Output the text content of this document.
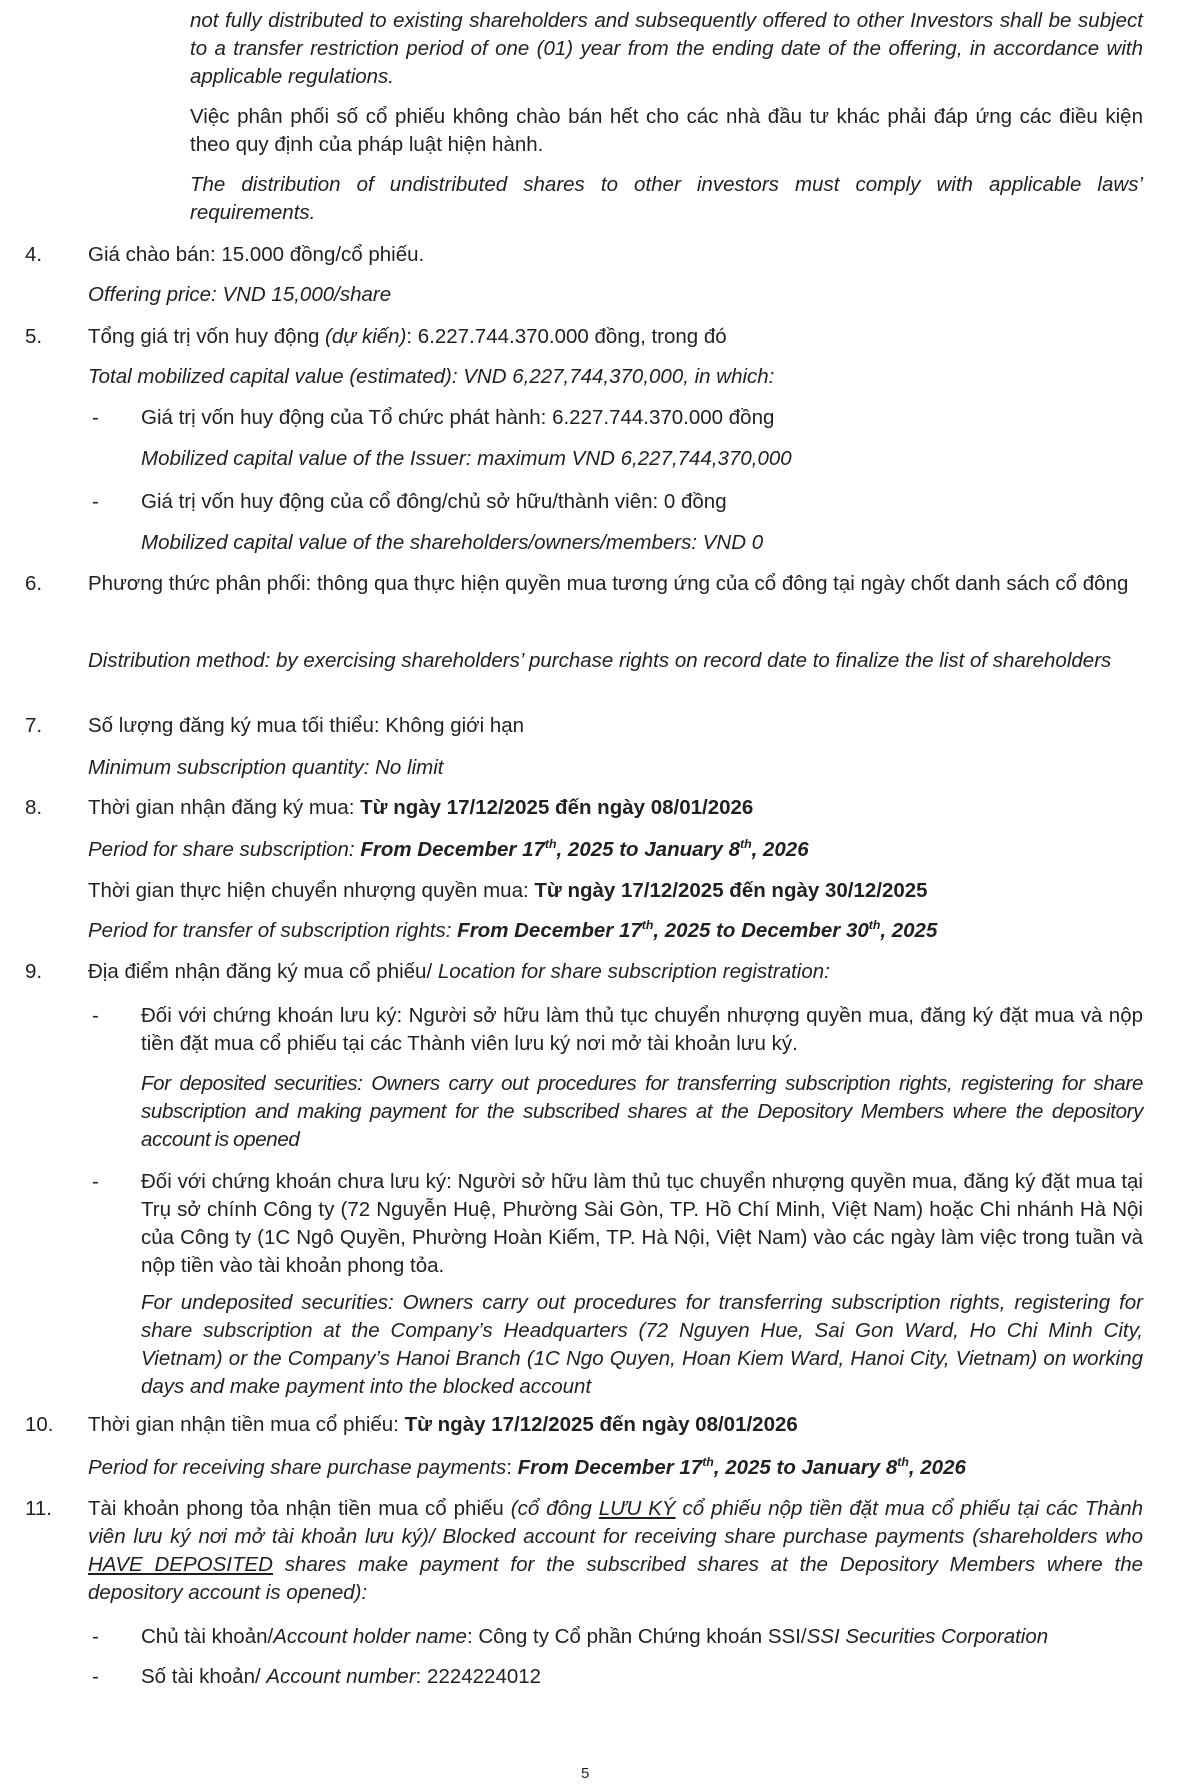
not fully distributed to existing shareholders and subsequently offered to other Investors shall be subject to a transfer restriction period of one (01) year from the ending date of the offering, in accordance with applicable regulations.

Việc phân phối số cổ phiếu không chào bán hết cho các nhà đầu tư khác phải đáp ứng các điều kiện theo quy định của pháp luật hiện hành.

The distribution of undistributed shares to other investors must comply with applicable laws’ requirements.

4. Giá chào bán: 15.000 đồng/cổ phiếu.

Offering price: VND 15,000/share

5. Tổng giá trị vốn huy động (dự kiến): 6.227.744.370.000 đồng, trong đó

Total mobilized capital value (estimated): VND 6,227,744,370,000, in which:

- Giá trị vốn huy động của Tổ chức phát hành: 6.227.744.370.000 đồng

Mobilized capital value of the Issuer: maximum VND 6,227,744,370,000

- Giá trị vốn huy động của cổ đông/chủ sở hữu/thành viên: 0 đồng

Mobilized capital value of the shareholders/owners/members: VND 0

6. Phương thức phân phối: thông qua thực hiện quyền mua tương ứng của cổ đông tại ngày chốt danh sách cổ đông

Distribution method: by exercising shareholders’ purchase rights on record date to finalize the list of shareholders

7. Số lượng đăng ký mua tối thiểu: Không giới hạn

Minimum subscription quantity: No limit

8. Thời gian nhận đăng ký mua: Từ ngày 17/12/2025 đến ngày 08/01/2026

Period for share subscription: From December 17th, 2025 to January 8th, 2026

Thời gian thực hiện chuyển nhượng quyền mua: Từ ngày 17/12/2025 đến ngày 30/12/2025

Period for transfer of subscription rights: From December 17th, 2025 to December 30th, 2025

9. Địa điểm nhận đăng ký mua cổ phiếu/ Location for share subscription registration:

- Đối với chứng khoán lưu ký: Người sở hữu làm thủ tục chuyển nhượng quyền mua, đăng ký đặt mua và nộp tiền đặt mua cổ phiếu tại các Thành viên lưu ký nơi mở tài khoản lưu ký.

For deposited securities: Owners carry out procedures for transferring subscription rights, registering for share subscription and making payment for the subscribed shares at the Depository Members where the depository account is opened

- Đối với chứng khoán chưa lưu ký: Người sở hữu làm thủ tục chuyển nhượng quyền mua, đăng ký đặt mua tại Trụ sở chính Công ty (72 Nguyễn Huệ, Phường Sài Gòn, TP. Hồ Chí Minh, Việt Nam) hoặc Chi nhánh Hà Nội của Công ty (1C Ngô Quyền, Phường Hoàn Kiếm, TP. Hà Nội, Việt Nam) vào các ngày làm việc trong tuần và nộp tiền vào tài khoản phong tỏa.

For undeposited securities: Owners carry out procedures for transferring subscription rights, registering for share subscription at the Company’s Headquarters (72 Nguyen Hue, Sai Gon Ward, Ho Chi Minh City, Vietnam) or the Company’s Hanoi Branch (1C Ngo Quyen, Hoan Kiem Ward, Hanoi City, Vietnam) on working days and make payment into the blocked account

10. Thời gian nhận tiền mua cổ phiếu: Từ ngày 17/12/2025 đến ngày 08/01/2026

Period for receiving share purchase payments: From December 17th, 2025 to January 8th, 2026

11. Tài khoản phong tỏa nhận tiền mua cổ phiếu (cổ đông LƯU KÝ cổ phiếu nộp tiền đặt mua cổ phiếu tại các Thành viên lưu ký nơi mở tài khoản lưu ký)/ Blocked account for receiving share purchase payments (shareholders who HAVE DEPOSITED shares make payment for the subscribed shares at the Depository Members where the depository account is opened):

- Chủ tài khoản/Account holder name: Công ty Cổ phần Chứng khoán SSI/SSI Securities Corporation

- Số tài khoản/ Account number: 2224224012

5
